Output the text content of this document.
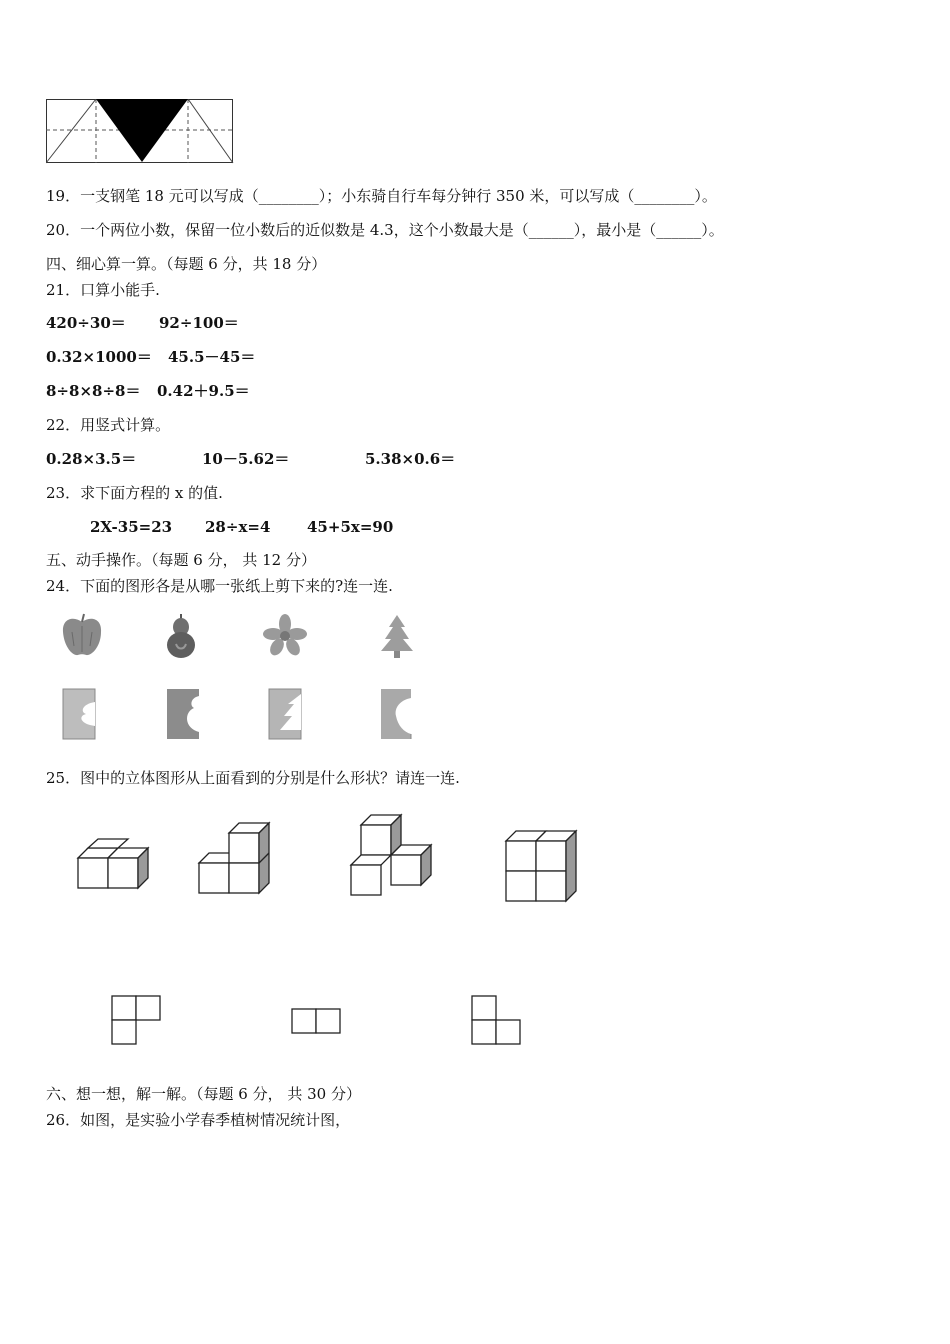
19．一支钢笔 18 元可以写成（________）；小东骑自行车每分钟行 350 米，可以写成（________）。
20．一个两位小数，保留一位小数后的近似数是 4.3，这个小数最大是（______），最小是（______）。
四、细心算一算。（每题 6 分，共 18 分）
21．口算小能手.
420÷30＝ 92÷100＝
0.32×1000＝ 45.5－45＝
8÷8×8÷8＝ 0.42＋9.5＝
22．用竖式计算。
0.28×3.5＝	10－5.62＝	5.38×0.6＝
23．求下面方程的 x 的值.
2X-35=23 28÷x=4 45+5x=90
五、动手操作。（每题 6 分， 共 12 分）
24．下面的图形各是从哪一张纸上剪下来的?连一连.
25．图中的立体图形从上面看到的分别是什么形状？请连一连.
六、想一想，解一解。（每题 6 分， 共 30 分）
26．如图，是实验小学春季植树情况统计图，
